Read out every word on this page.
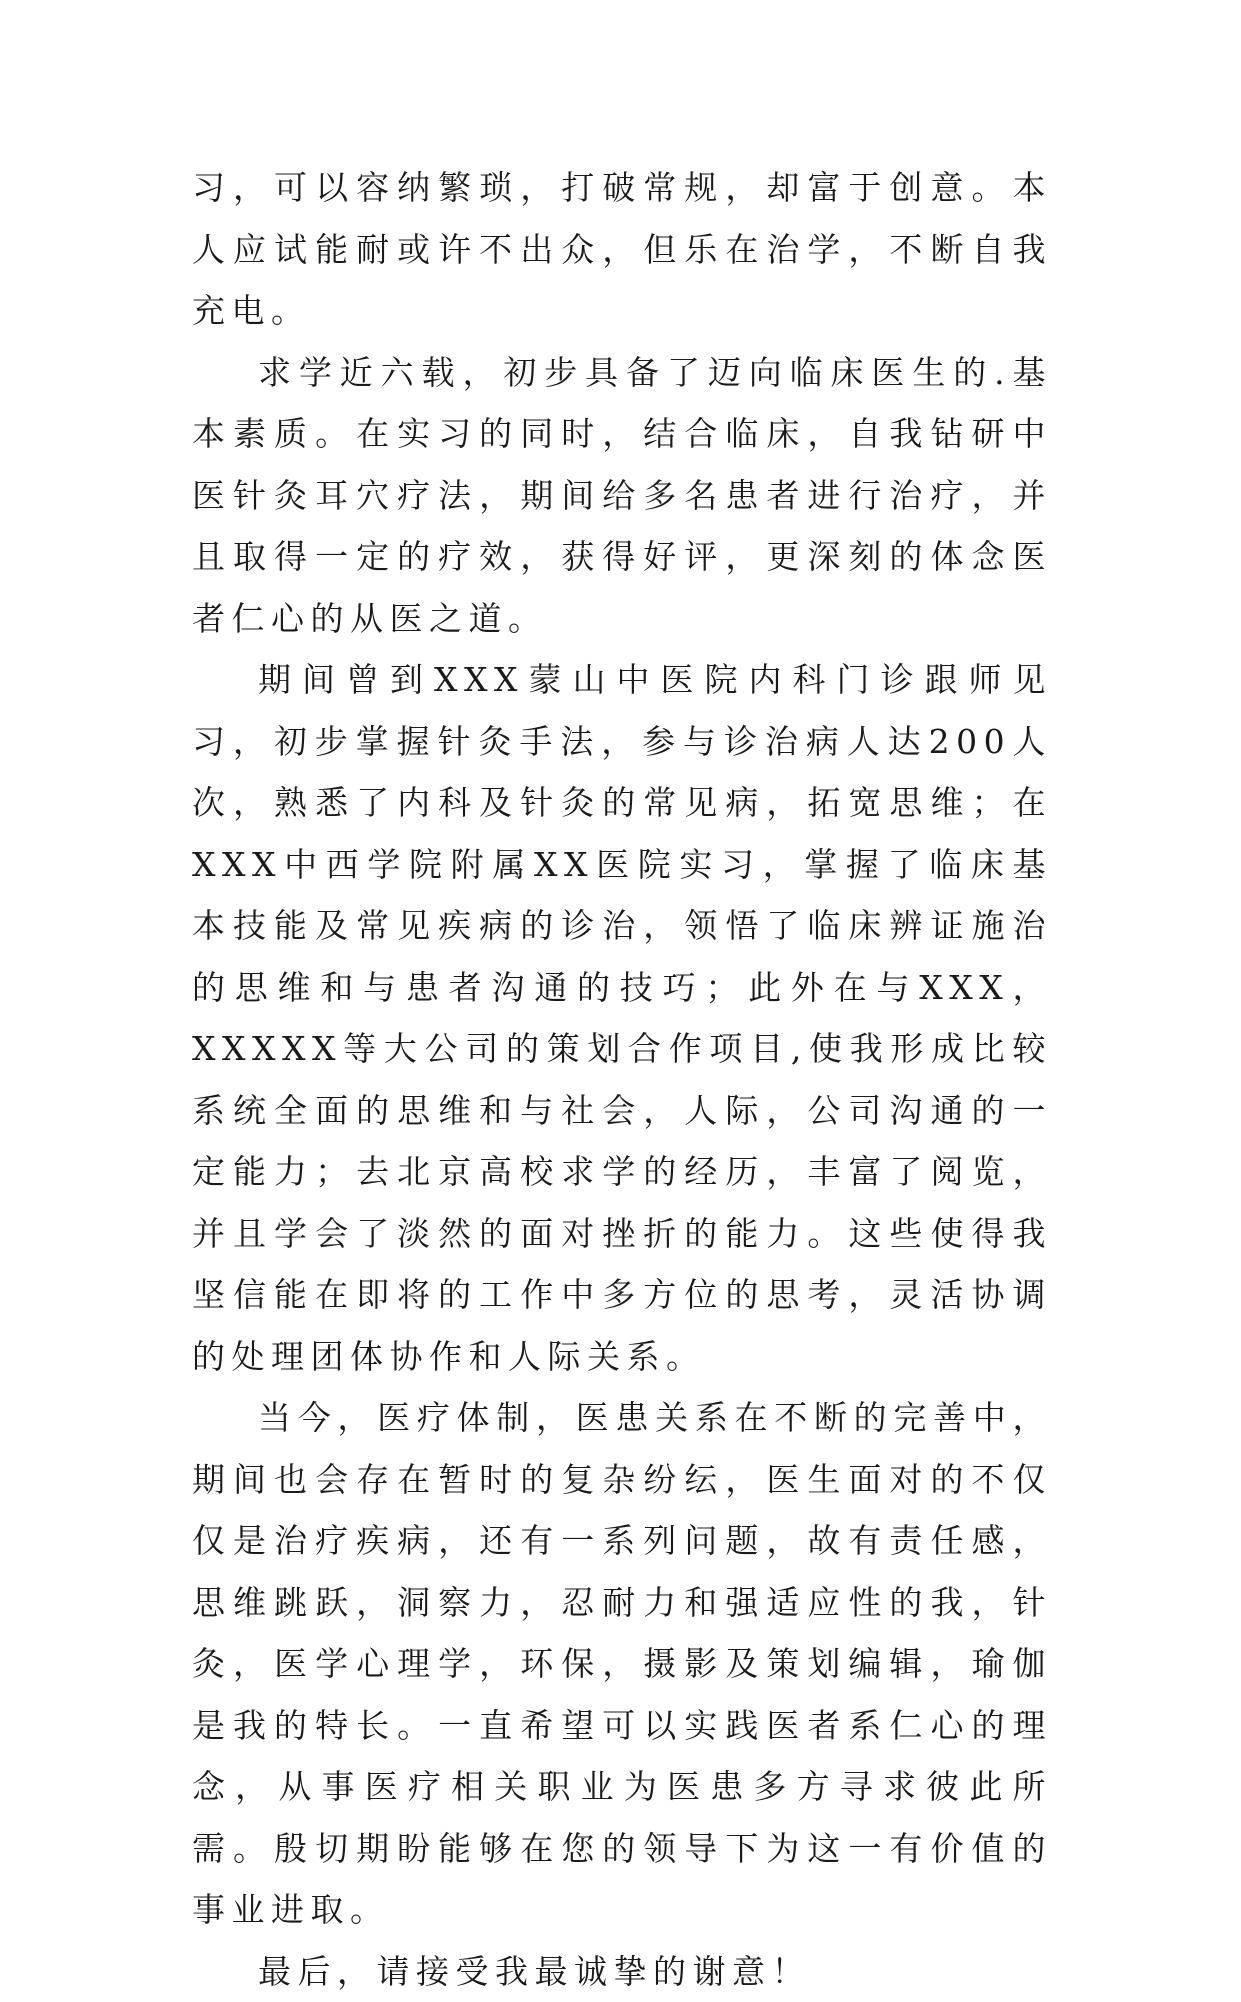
习，可以容纳繁琐，打破常规，却富于创意。本人应试能耐或许不出众，但乐在治学，不断自我充电。

求学近六载，初步具备了迈向临床医生的.基本素质。在实习的同时，结合临床，自我钻研中医针灸耳穴疗法，期间给多名患者进行治疗，并且取得一定的疗效，获得好评，更深刻的体念医者仁心的从医之道。

期间曾到XXX蒙山中医院内科门诊跟师见习，初步掌握针灸手法，参与诊治病人达200人次，熟悉了内科及针灸的常见病，拓宽思维；在XXX中西学院附属XX医院实习，掌握了临床基本技能及常见疾病的诊治，领悟了临床辨证施治的思维和与患者沟通的技巧；此外在与XXX，XXXXX等大公司的策划合作项目,使我形成比较系统全面的思维和与社会，人际，公司沟通的一定能力；去北京高校求学的经历，丰富了阅览，并且学会了淡然的面对挫折的能力。这些使得我坚信能在即将的工作中多方位的思考，灵活协调的处理团体协作和人际关系。

当今，医疗体制，医患关系在不断的完善中，期间也会存在暂时的复杂纷纭，医生面对的不仅仅是治疗疾病，还有一系列问题，故有责任感，思维跳跃，洞察力，忍耐力和强适应性的我，针灸，医学心理学，环保，摄影及策划编辑，瑜伽是我的特长。一直希望可以实践医者系仁心的理念，从事医疗相关职业为医患多方寻求彼此所需。殷切期盼能够在您的领导下为这一有价值的事业进取。

最后，请接受我最诚挚的谢意！
